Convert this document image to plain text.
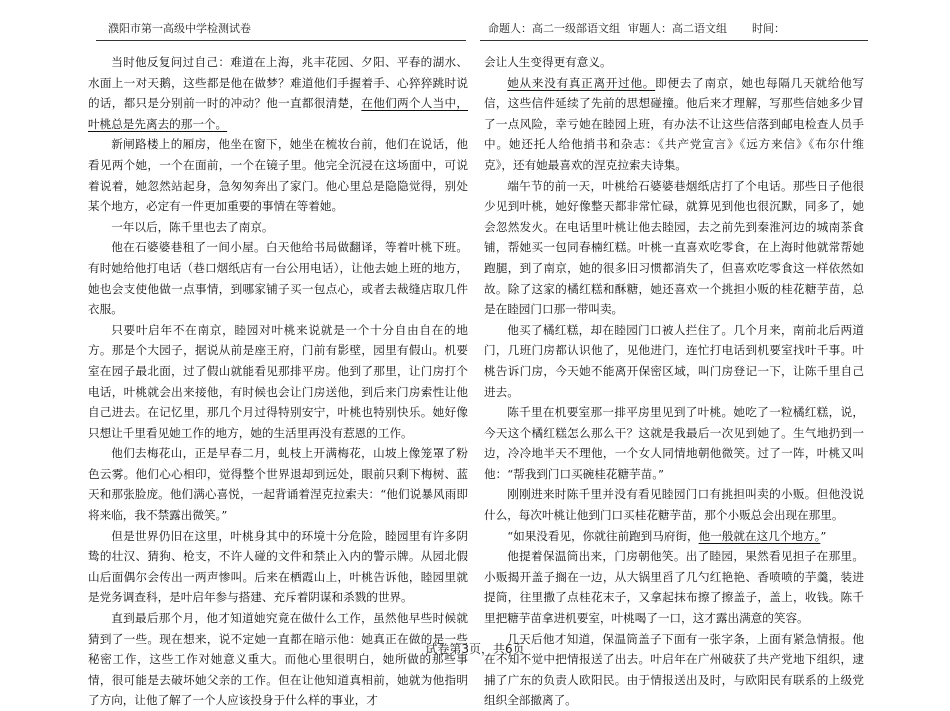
濮阳市第一高级中学检测试卷	命题人：高二一级部语文组 审题人：高二语文组 时间：

当时他反复问过自己：难道在上海，兆丰花园、夕阳、平春的湖水、水面上一对天鹅，这些都是他在做梦？难道他们手握着手、心猝猝跳时说的话，都只是分别前一时的冲动？他一直都很清楚，在他们两个人当中，叶桃总是先离去的那一个。

新闸路楼上的厢房，他坐在窗下，她坐在梳妆台前，他们在说话，他看见两个她，一个在面前，一个在镜子里。他完全沉浸在这场面中，可说着说着，她忽然站起身，急匆匆奔出了家门。他心里总是隐隐觉得，别处某个地方，必定有一件更加重要的事情在等着她。

一年以后，陈千里也去了南京。

他在石婆婆巷租了一间小屋。白天他给书局做翻译，等着叶桃下班。有时她给他打电话（巷口烟纸店有一台公用电话），让他去她上班的地方，她也会支使他做一点事情，到哪家铺子买一包点心，或者去裁缝店取几件衣服。

只要叶启年不在南京，睦园对叶桃来说就是一个十分自由自在的地方。那是个大园子，据说从前是座王府，门前有影壁，园里有假山。机要室在园子最北面，过了假山就能看见那排平房。他到了那里，让门房打个电话，叶桃就会出来接他，有时候也会让门房送他，到后来门房索性让他自己进去。在记忆里，那几个月过得特别安宁，叶桃也特别快乐。她好像只想让千里看见她工作的地方，她的生活里再没有惹恩的工作。

他们去梅花山，正是早春二月，虬枝上开满梅花，山坡上像笼罩了粉色云雾。他们心心相印，觉得整个世界退却到远处，眼前只剩下梅树、蓝天和那张脸庞。他们满心喜悦，一起背诵着涅克拉索夫：“他们说暴风雨即将来临，我不禁露出微笑。”

但是世界仍旧在这里，叶桃身其中的环境十分危险，睦园里有许多阴鸷的壮汉、猜狗、枪支，不许人碰的文件和禁止入内的警示牌。从园北假山后面偶尔会传出一两声惨叫。后来在栖霞山上，叶桃告诉他，睦园里就是党务调查科，是叶启年参与搭建、充斥着阴谋和杀戮的世界。

直到最后那个月，他才知道她究竟在做什么工作，虽然他早些时候就猜到了一些。现在想来，说不定她一直都在暗示他：她真正在做的是一些秘密工作，这些工作对她意义重大。而他心里很明白，她所做的那些事情，很可能是去破坏她父亲的工作。但在让他知道真相前，她就为他指明了方向，让他了解了一个人应该投身于什么样的事业，才

会让人生变得更有意义。

她从来没有真正离开过他。即便去了南京，她也每隔几天就给他写信，这些信件延续了先前的思想碰撞。他后来才理解，写那些信她多少冒了一点风险，幸亏她在睦园上班，有办法不让这些信落到邮电检查人员手中。她还托人给他捎书和杂志：《共产党宣言》《远方来信》《布尔什维克》，还有她最喜欢的涅克拉索夫诗集。

端午节的前一天，叶桃给石婆婆巷烟纸店打了个电话。那些日子他很少见到叶桃，她好像整天都非常忙碌，就算见到他也很沉默，同多了，她会忽然发火。在电话里叶桃让他去睦园，去之前先到秦淮河边的城南茶食铺，帮她买一包同春楠红糕。叶桃一直喜欢吃零食，在上海时他就常帮她跑腿，到了南京，她的很多旧习惯都消失了，但喜欢吃零食这一样依然如故。除了这家的橘红糕和酥糖，她还喜欢一个挑担小贩的桂花糖芋苗，总是在睦园门口那一带叫卖。

他买了橘红糕，却在睦园门口被人拦住了。几个月来，南前北后两道门，几班门房都认识他了，见他进门，连忙打电话到机要室找叶千事。叶桃告诉门房，今天她不能离开保密区域，叫门房登记一下，让陈千里自己进去。

陈千里在机要室那一排平房里见到了叶桃。她吃了一粒橘红糕，说，今天这个橘红糕怎么那么干？这就是我最后一次见到她了。生气地扔到一边，冷冷地半天不理他，一个女人同情地朝他微笑。过了一阵，叶桃又叫他：“帮我到门口买碗桂花糖芋苗。”

刚刚进来时陈千里并没有看见睦园门口有挑担叫卖的小贩。但他没说什么，每次叶桃让他到门口买桂花糖芋苗，那个小贩总会出现在那里。

“如果没看见，你就往前跑到马府街，他一般就在这几个地方。”

他提着保温筒出来，门房朝他笑。出了睦园，果然看见担子在那里。小贩揭开盖子搁在一边，从大锅里舀了几勺红艳艳、香喷喷的芋羹，装进提筒，往里撒了点桂花末子，又拿起抹布擦了擦盖子，盖上，收钱。陈千里把糖芋苗拿进机要室，叶桃喝了一口，这才露出满意的笑容。

几天后他才知道，保温筒盖子下面有一张字条，上面有紧急情报。他在不知不觉中把情报送了出去。叶启年在广州破获了共产党地下组织，逮捕了广东的负责人欧阳民。由于情报送出及时，与欧阳民有联系的上级党组织全部撤离了。

试卷第3页，共6页
